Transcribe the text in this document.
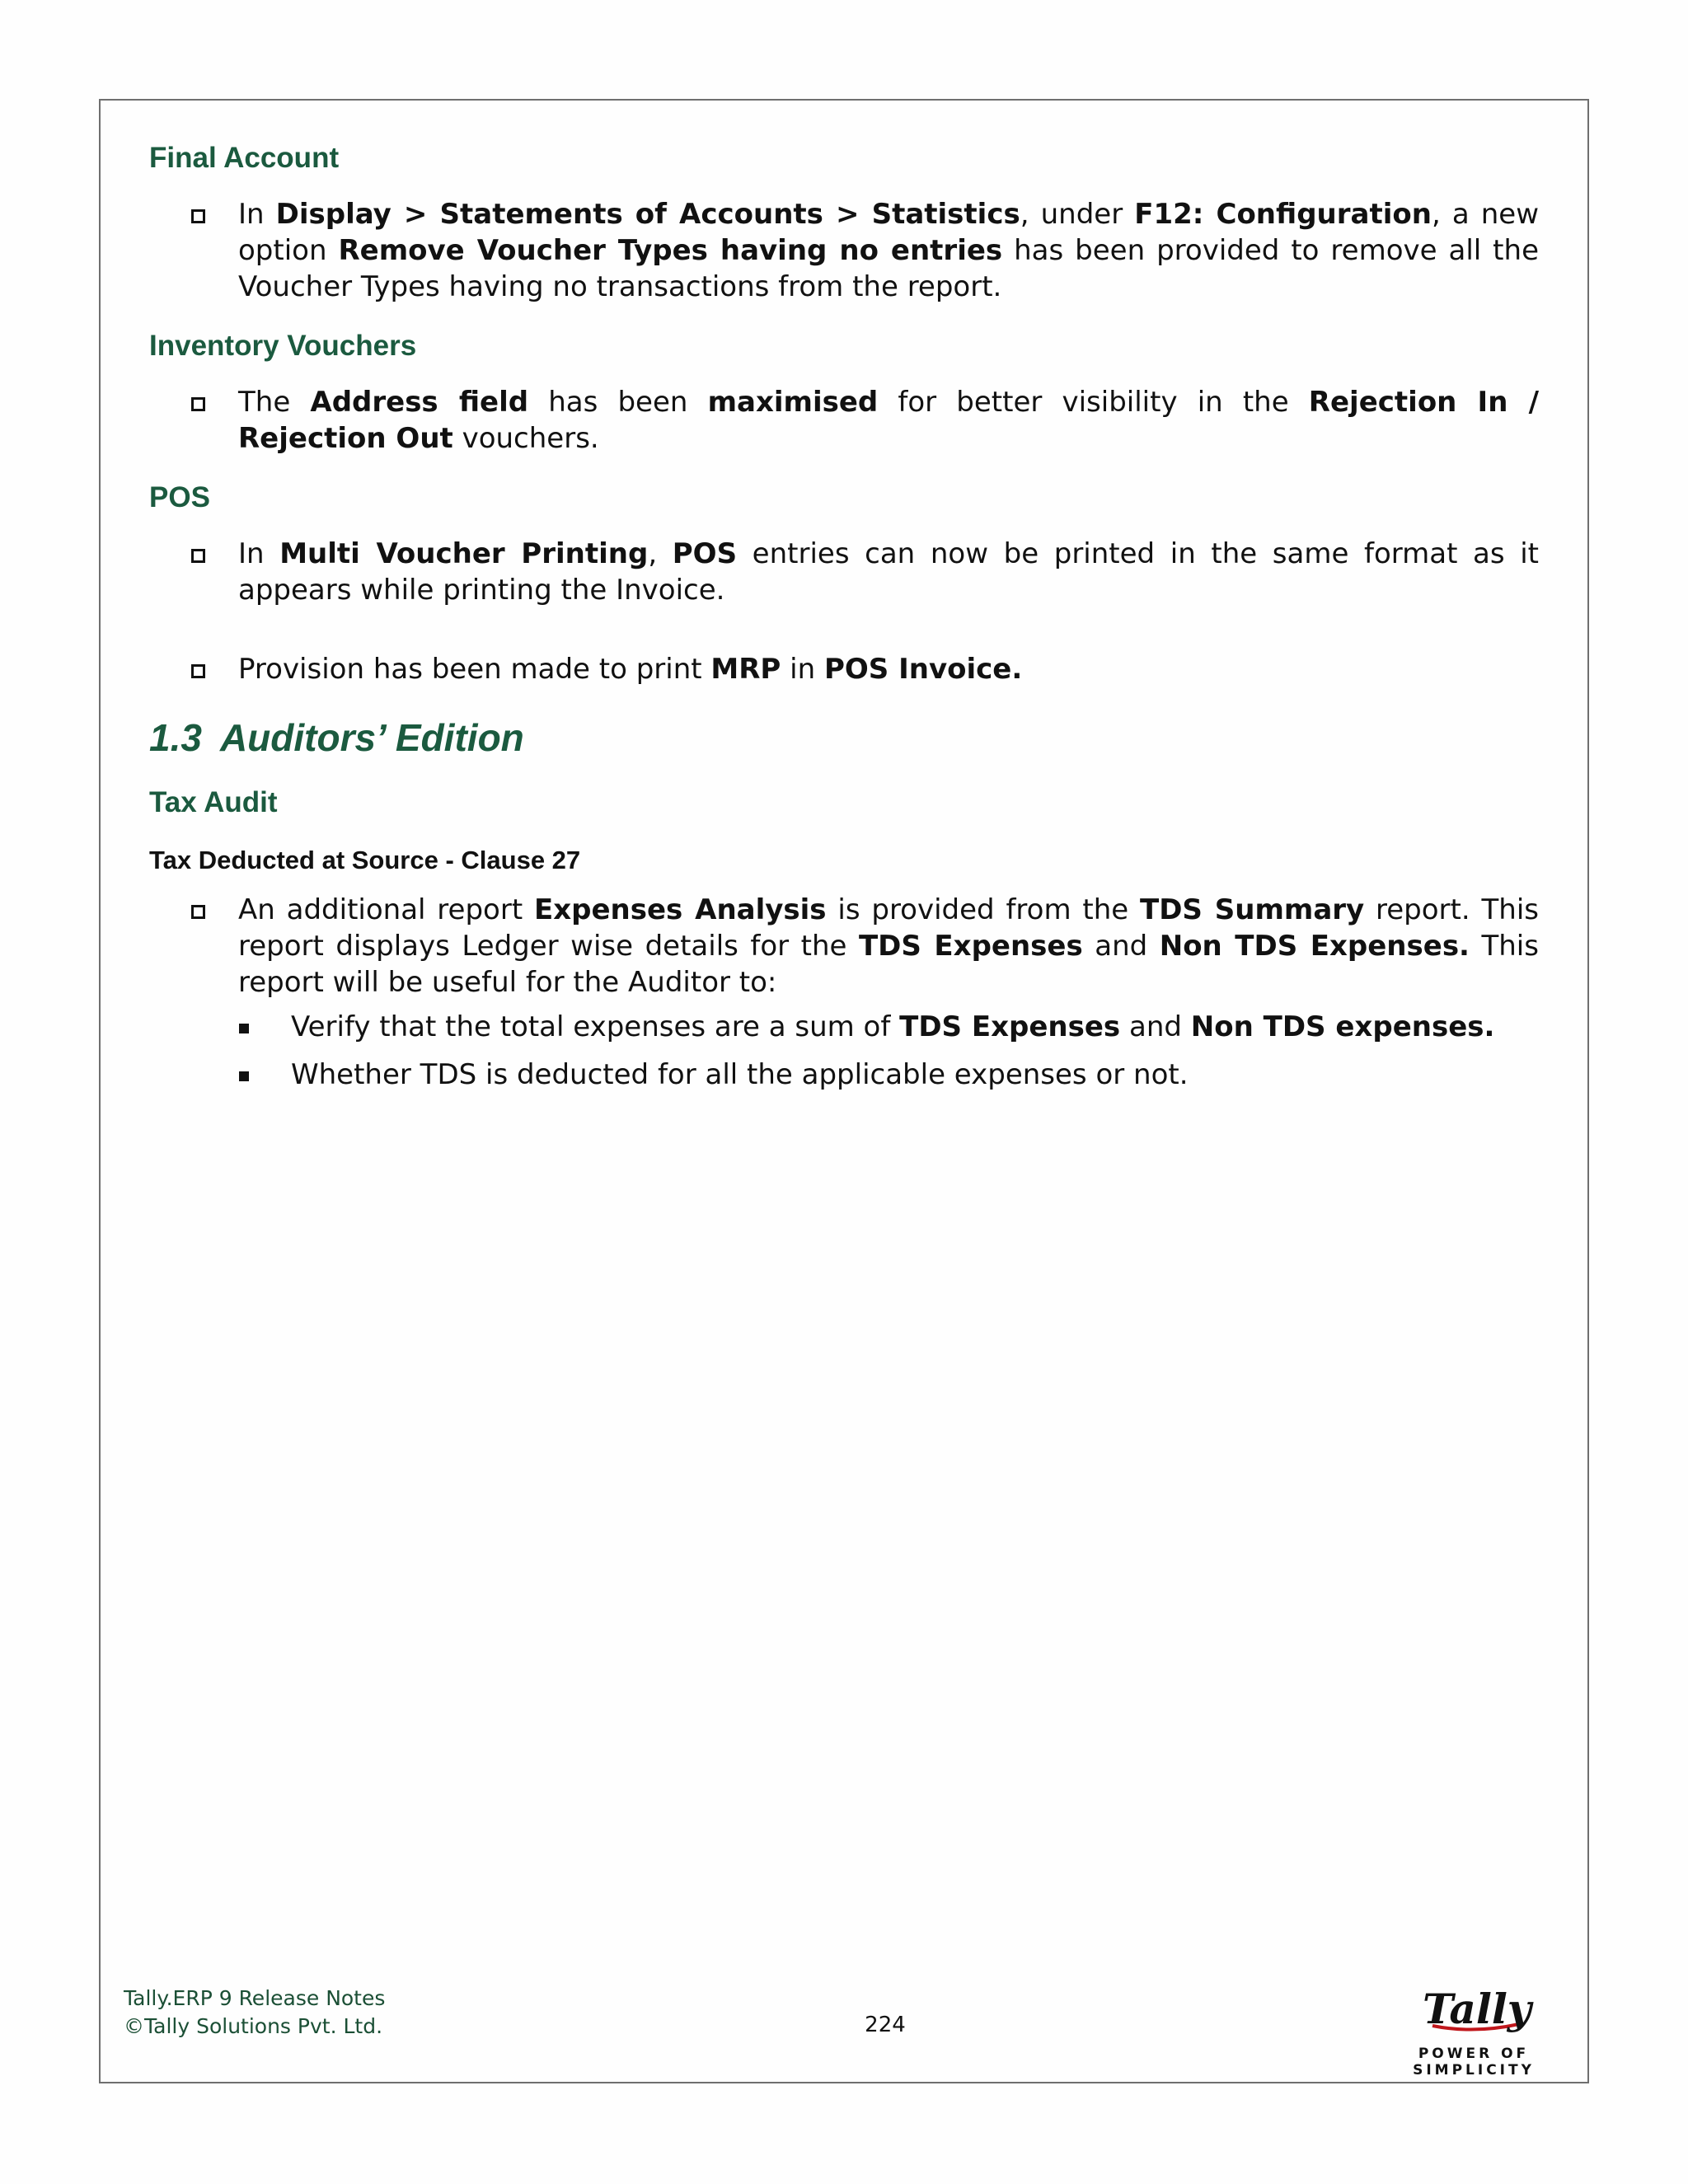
Final Account
In Display > Statements of Accounts > Statistics, under F12: Configuration, a new option Remove Voucher Types having no entries has been provided to remove all the Voucher Types having no transactions from the report.
Inventory Vouchers
The Address field has been maximised for better visibility in the Rejection In / Rejection Out vouchers.
POS
In Multi Voucher Printing, POS entries can now be printed in the same format as it appears while printing the Invoice.
Provision has been made to print MRP in POS Invoice.
1.3 Auditors’ Edition
Tax Audit
Tax Deducted at Source - Clause 27
An additional report Expenses Analysis is provided from the TDS Summary report. This report displays Ledger wise details for the TDS Expenses and Non TDS Expenses. This report will be useful for the Auditor to:
Verify that the total expenses are a sum of TDS Expenses and Non TDS expenses.
Whether TDS is deducted for all the applicable expenses or not.
Tally.ERP 9 Release Notes
©Tally Solutions Pvt. Ltd.	224	Tally
POWER OF SIMPLICITY
